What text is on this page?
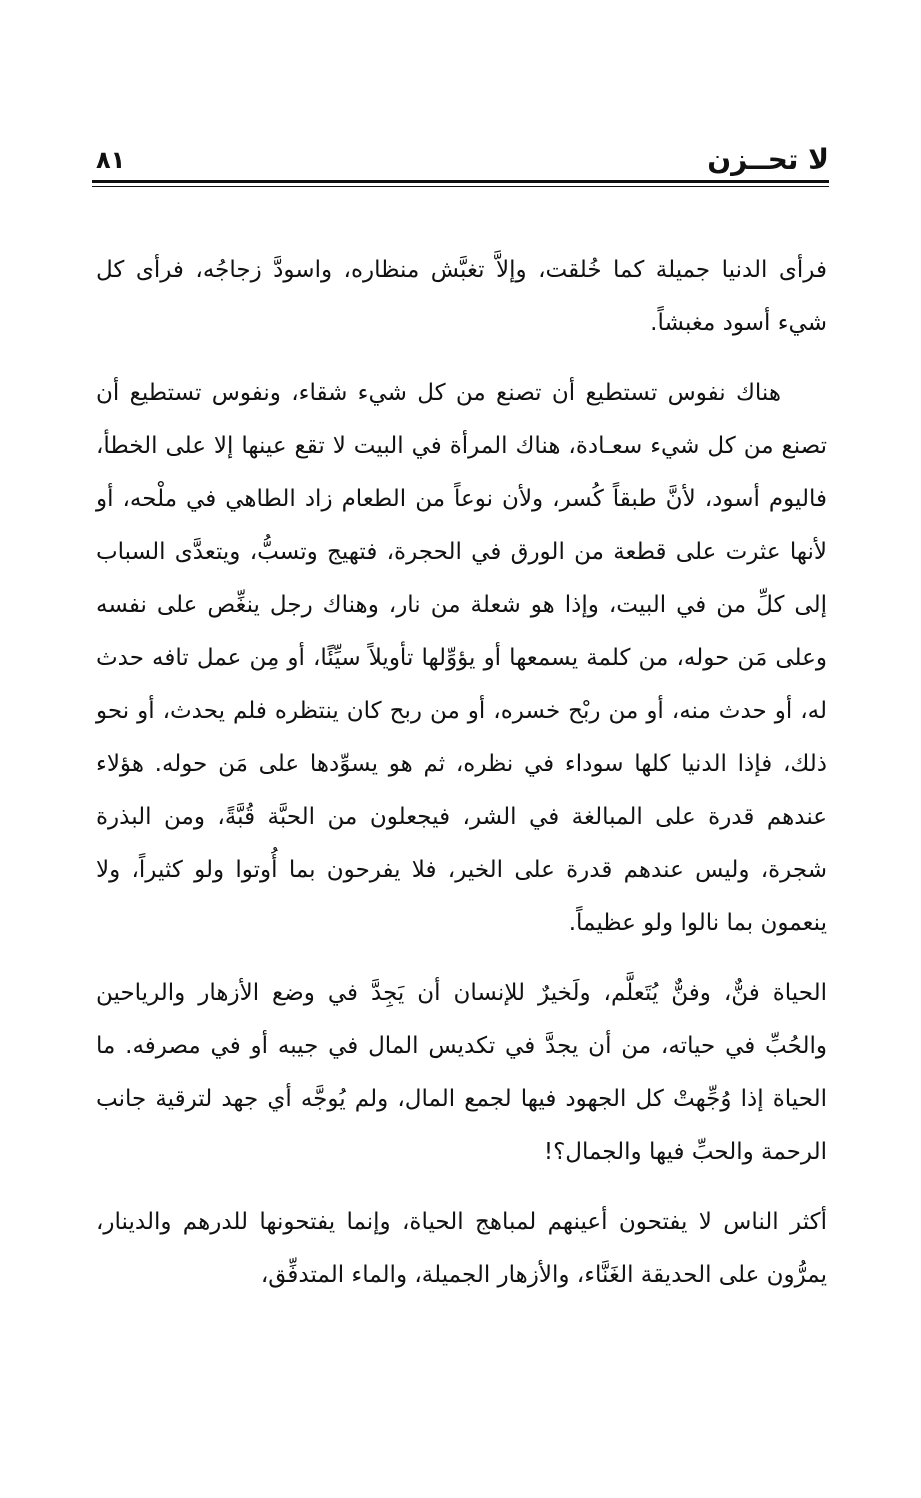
لا تحــزن
٨١

فرأى الدنيا جميلة كما خُلقت، وإلاَّ تغبَّش منظاره، واسودَّ زجاجُه، فرأى كل شيء أسود مغبشاً.

هناك نفوس تستطيع أن تصنع من كل شيء شقاء، ونفوس تستطيع أن تصنع من كل شيء سعـادة، هناك المرأة في البيت لا تقع عينها إلا على الخطأ، فاليوم أسود، لأنَّ طبقاً كُسر، ولأن نوعاً من الطعام زاد الطاهي في ملْحه، أو لأنها عثرت على قطعة من الورق في الحجرة، فتهيج وتسبُّ، ويتعدَّى السباب إلى كلِّ من في البيت، وإذا هو شعلة من نار، وهناك رجل ينغِّص على نفسه وعلى مَن حوله، من كلمة يسمعها أو يؤوِّلها تأويلاً سيِّئًا، أو مِن عمل تافه حدث له، أو حدث منه، أو من ربْح خسره، أو من ربح كان ينتظره فلم يحدث، أو نحو ذلك، فإذا الدنيا كلها سوداء في نظره، ثم هو يسوِّدها على مَن حوله. هؤلاء عندهم قدرة على المبالغة في الشر، فيجعلون من الحبَّة قُبَّةً، ومن البذرة شجرة، وليس عندهم قدرة على الخير، فلا يفرحون بما أُوتوا ولو كثيراً، ولا ينعمون بما نالوا ولو عظيماً.

الحياة فنٌّ، وفنٌّ يُتَعلَّم، ولَخيرٌ للإنسان أن يَجِدَّ في وضع الأزهار والرياحين والحُبِّ في حياته، من أن يجدَّ في تكديس المال في جيبه أو في مصرفه. ما الحياة إذا وُجِّهتْ كل الجهود فيها لجمع المال، ولم يُوجَّه أي جهد لترقية جانب الرحمة والحبِّ فيها والجمال؟!

أكثر الناس لا يفتحون أعينهم لمباهج الحياة، وإنما يفتحونها للدرهم والدينار، يمرُّون على الحديقة الغَنَّاء، والأزهار الجميلة، والماء المتدفِّق،
